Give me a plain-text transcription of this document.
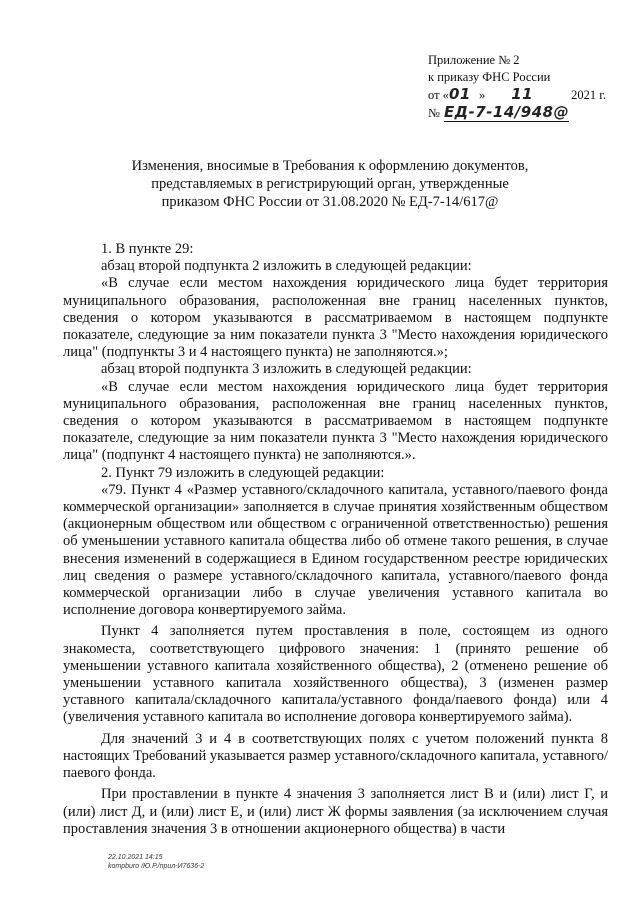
Приложение № 2
к приказу ФНС России
от «01 » 11	2021 г.
№ ЕД-7-14/948@
Изменения, вносимые в Требования к оформлению документов,
представляемых в регистрирующий орган, утвержденные
приказом ФНС России от 31.08.2020 № ЕД-7-14/617@

1. В пункте 29:

абзац второй подпункта 2 изложить в следующей редакции:

«В случае если местом нахождения юридического лица будет территория муниципального образования, расположенная вне границ населенных пунктов, сведения о котором указываются в рассматриваемом в настоящем подпункте показателе, следующие за ним показатели пункта 3 "Место нахождения юридического лица" (подпункты 3 и 4 настоящего пункта) не заполняются.»;

абзац второй подпункта 3 изложить в следующей редакции:

«В случае если местом нахождения юридического лица будет территория муниципального образования, расположенная вне границ населенных пунктов, сведения о котором указываются в рассматриваемом в настоящем подпункте показателе, следующие за ним показатели пункта 3 "Место нахождения юридического лица" (подпункт 4 настоящего пункта) не заполняются.».

2. Пункт 79 изложить в следующей редакции:

«79. Пункт 4 «Размер уставного/складочного капитала, уставного/паевого фонда коммерческой организации» заполняется в случае принятия хозяйственным обществом (акционерным обществом или обществом с ограниченной ответственностью) решения об уменьшении уставного капитала общества либо об отмене такого решения, в случае внесения изменений в содержащиеся в Едином государственном реестре юридических лиц сведения о размере уставного/складочного капитала, уставного/паевого фонда коммерческой организации либо в случае увеличения уставного капитала во исполнение договора конвертируемого займа.

Пункт 4 заполняется путем проставления в поле, состоящем из одного знакоместа, соответствующего цифрового значения: 1 (принято решение об уменьшении уставного капитала хозяйственного общества), 2 (отменено решение об уменьшении уставного капитала хозяйственного общества), 3 (изменен размер уставного капитала/складочного капитала/уставного фонда/паевого фонда) или 4 (увеличения уставного капитала во исполнение договора конвертируемого займа).

Для значений 3 и 4 в соответствующих полях с учетом положений пункта 8 настоящих Требований указывается размер уставного/складочного капитала, уставного/паевого фонда.

При проставлении в пункте 4 значения 3 заполняется лист В и (или) лист Г, и (или) лист Д, и (или) лист Е, и (или) лист Ж формы заявления (за исключением случая проставления значения 3 в отношении акционерного общества) в части

22.10.2021 14:15
kompburo /Ю.Р./прил-И7636-2
